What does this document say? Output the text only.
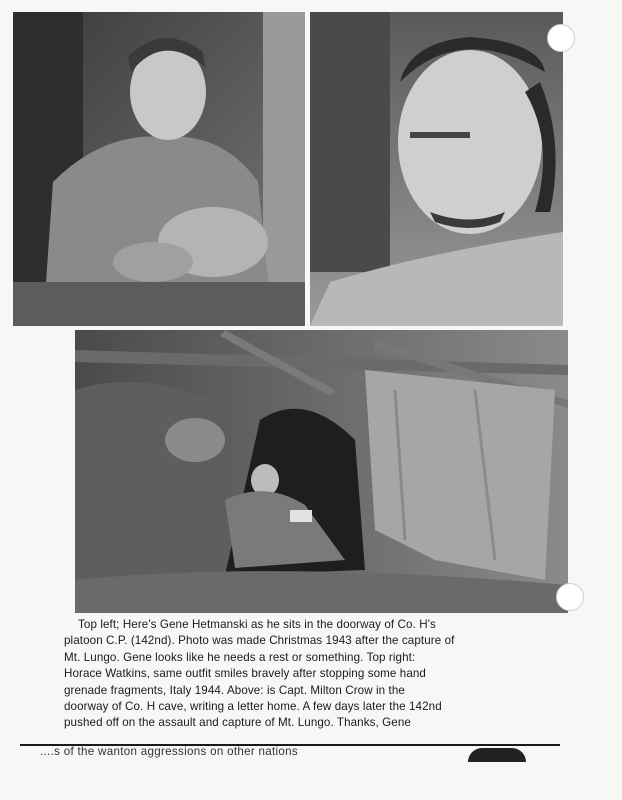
Top left; Here's Gene Hetmanski as he sits in the doorway of Co. H's
platoon C.P. (142nd). Photo was made Christmas 1943 after the capture of
Mt. Lungo. Gene looks like he needs a rest or something. Top right:
Horace Watkins, same outfit smiles bravely after stopping some hand
grenade fragments, Italy 1944. Above: is Capt. Milton Crow in the
doorway of Co. H cave, writing a letter home. A few days later the 142nd
pushed off on the assault and capture of Mt. Lungo. Thanks, Gene
....s of the wanton aggressions on other nations
